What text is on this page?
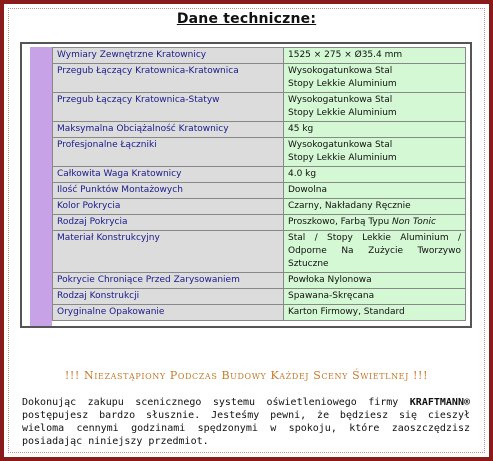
Dane techniczne:
Wymiary Zewnętrzne Kratownicy	1525 × 275 × Ø35.4 mm

Przegub Łączący Kratownica-Kratownica	Wysokogatunkowa Stal
Stopy Lekkie Aluminium

Przegub Łączący Kratownica-Statyw	Wysokogatunkowa Stal
Stopy Lekkie Aluminium

Maksymalna Obciążalność Kratownicy	45 kg

Profesjonalne Łączniki	Wysokogatunkowa Stal
Stopy Lekkie Aluminium

Całkowita Waga Kratownicy	4.0 kg

Ilość Punktów Montażowych	Dowolna

Kolor Pokrycia	Czarny, Nakładany Ręcznie

Rodzaj Pokrycia	Proszkowo, Farbą Typu Non Tonic
Materiał Konstrukcyjny	Stal / Stopy Lekkie Aluminium / Odporne Na Zużycie Tworzywo Sztuczne

Pokrycie Chroniące Przed Zarysowaniem	Powłoka Nylonowa

Rodzaj Konstrukcji	Spawana-Skręcana

Oryginalne Opakowanie	Karton Firmowy, Standard
!!! Niezastąpiony Podczas Budowy Każdej Sceny Świetlnej !!!
Dokonując zakupu scenicznego systemu oświetleniowego firmy KRAFTMANN® postępujesz bardzo słusznie. Jesteśmy pewni, że będziesz się cieszył wieloma cennymi godzinami spędzonymi w spokoju, które zaoszczędzisz posiadając niniejszy przedmiot.
